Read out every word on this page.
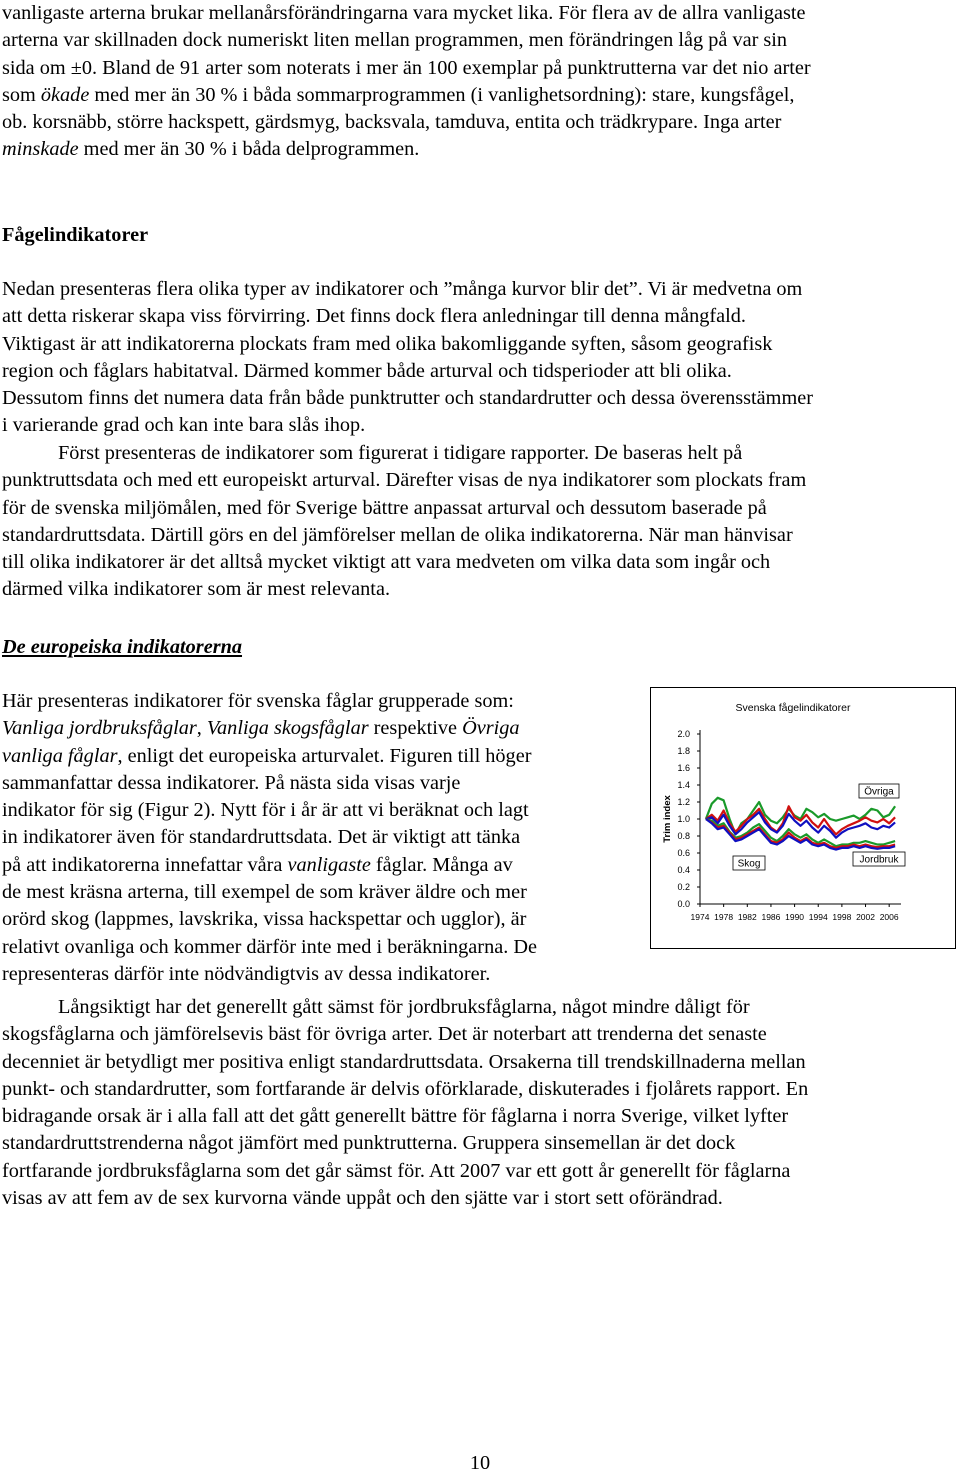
vanligaste arterna brukar mellanårsförändringarna vara mycket lika. För flera av de allra vanligaste
arterna var skillnaden dock numeriskt liten mellan programmen, men förändringen låg på var sin
sida om ±0. Bland de 91 arter som noterats i mer än 100 exemplar på punktrutterna var det nio arter
som ökade med mer än 30 % i båda sommarprogrammen (i vanlighetsordning): stare, kungsfågel,
ob. korsnäbb, större hackspett, gärdsmyg, backsvala, tamduva, entita och trädkrypare. Inga arter
minskade med mer än 30 % i båda delprogrammen.

Fågelindikatorer

Nedan presenteras flera olika typer av indikatorer och ”många kurvor blir det”. Vi är medvetna om
att detta riskerar skapa viss förvirring. Det finns dock flera anledningar till denna mångfald.
Viktigast är att indikatorerna plockats fram med olika bakomliggande syften, såsom geografisk
region och fåglars habitatval. Därmed kommer både arturval och tidsperioder att bli olika.
Dessutom finns det numera data från både punktrutter och standardrutter och dessa överensstämmer
i varierande grad och kan inte bara slås ihop.

Först presenteras de indikatorer som figurerat i tidigare rapporter. De baseras helt på
punktruttsdata och med ett europeiskt arturval. Därefter visas de nya indikatorer som plockats fram
för de svenska miljömålen, med för Sverige bättre anpassat arturval och dessutom baserade på
standardruttsdata. Därtill görs en del jämförelser mellan de olika indikatorerna. När man hänvisar
till olika indikatorer är det alltså mycket viktigt att vara medveten om vilka data som ingår och
därmed vilka indikatorer som är mest relevanta.

De europeiska indikatorerna

Här presenteras indikatorer för svenska fåglar grupperade som:
Vanliga jordbruksfåglar, Vanliga skogsfåglar respektive Övriga
vanliga fåglar, enligt det europeiska arturvalet. Figuren till höger
sammanfattar dessa indikatorer. På nästa sida visas varje
indikator för sig (Figur 2). Nytt för i år är att vi beräknat och lagt
in indikatorer även för standardruttsdata. Det är viktigt att tänka
på att indikatorerna innefattar våra vanligaste fåglar. Många av
de mest kräsna arterna, till exempel de som kräver äldre och mer
orörd skog (lappmes, lavskrika, vissa hackspettar och ugglor), är
relativt ovanliga och kommer därför inte med i beräkningarna. De
representeras därför inte nödvändigtvis av dessa indikatorer.

Långsiktigt har det generellt gått sämst för jordbruksfåglarna, något mindre dåligt för
skogsfåglarna och jämförelsevis bäst för övriga arter. Det är noterbart att trenderna det senaste
decenniet är betydligt mer positiva enligt standardruttsdata. Orsakerna till trendskillnaderna mellan
punkt- och standardrutter, som fortfarande är delvis oförklarade, diskuterades i fjolårets rapport. En
bidragande orsak är i alla fall att det gått generellt bättre för fåglarna i norra Sverige, vilket lyfter
standardruttstrenderna något jämfört med punktrutterna. Gruppera sinsemellan är det dock
fortfarande jordbruksfåglarna som det går sämst för. Att 2007 var ett gott år generellt för fåglarna
visas av att fem av de sex kurvorna vände uppåt och den sjätte var i stort sett oförändrad.

Svenska fågelindikatorer
Trim index
0.0
0.2
0.4
0.6
0.8
1.0
1.2
1.4
1.6
1.8
2.0
1974 1978 1982 1986 1990 1994 1998 2002 2006
Övriga
Skog	Jordbruk
10
